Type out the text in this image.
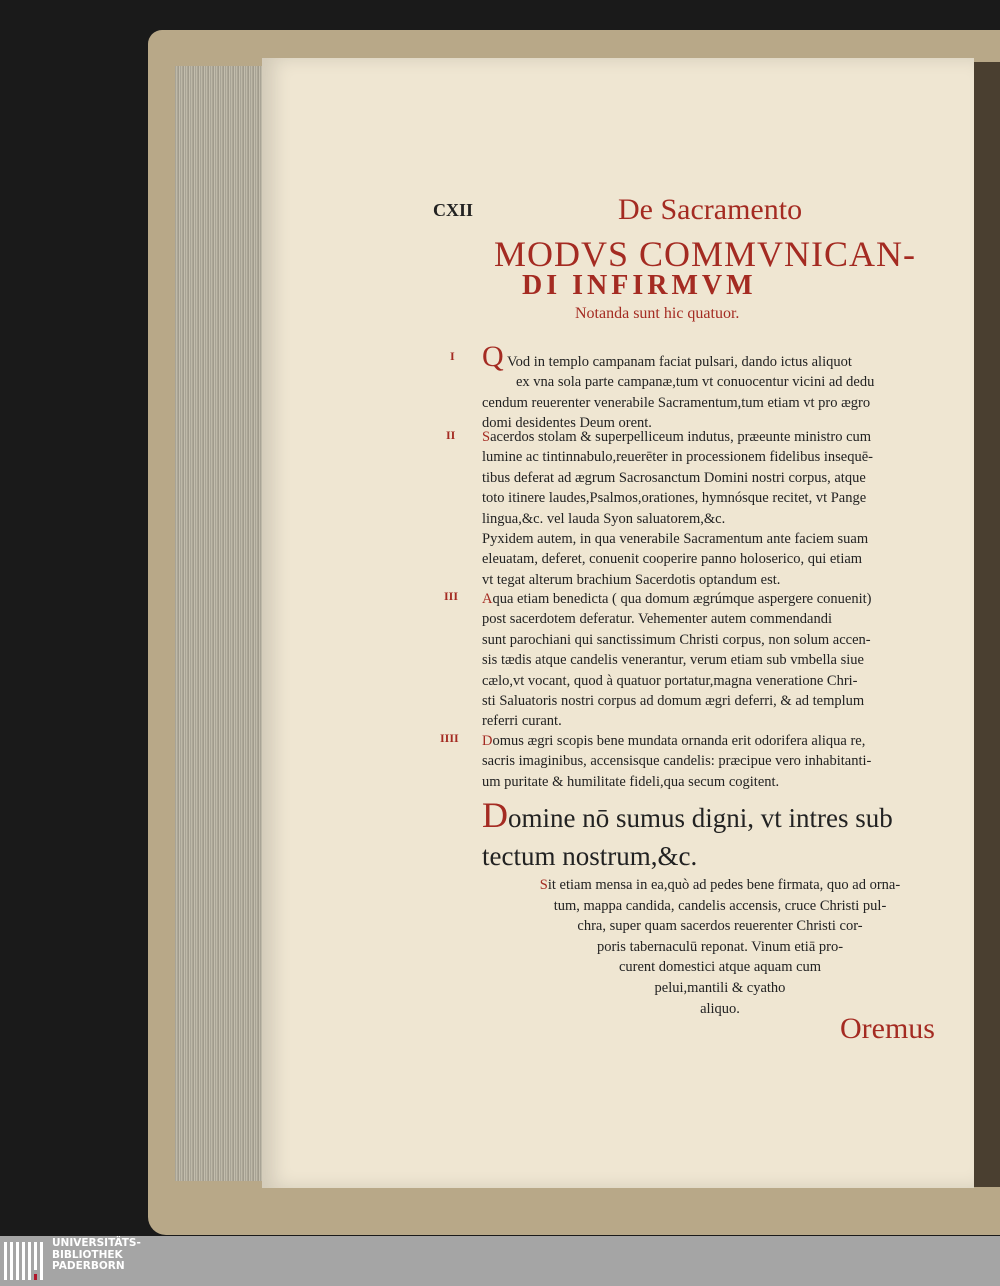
CXII	De Sacramento
MODVS COMMVNICAN-
DI INFIRMVM
Notanda sunt hic quatuor.
I
II
III
IIII
Q Vod in templo campanam faciat pulsari, dando ictus aliquot
ex vna sola parte campanæ,tum vt conuocentur vicini ad dedu
cendum reuerenter venerabile Sacramentum,tum etiam vt pro ægro
domi desidentes Deum orent.
Sacerdos stolam & superpelliceum indutus, præeunte ministro cum
lumine ac tintinnabulo,reuerēter in processionem fidelibus insequē-
tibus deferat ad ægrum Sacrosanctum Domini nostri corpus, atque
toto itinere laudes,Psalmos,orationes, hymnósque recitet, vt Pange
lingua,&c. vel lauda Syon saluatorem,&c.
Pyxidem autem, in qua venerabile Sacramentum ante faciem suam
eleuatam, deferet, conuenit cooperire panno holoserico, qui etiam
vt tegat alterum brachium Sacerdotis optandum est.
Aqua etiam benedicta ( qua domum ægrúmque aspergere conuenit)
post sacerdotem deferatur. Vehementer autem commendandi
sunt parochiani qui sanctissimum Christi corpus, non solum accen-
sis tædis atque candelis venerantur, verum etiam sub vmbella siue
cælo,vt vocant, quod à quatuor portatur,magna veneratione Chri-
sti Saluatoris nostri corpus ad domum ægri deferri, & ad templum
referri curant.
Domus ægri scopis bene mundata ornanda erit odorifera aliqua re,
sacris imaginibus, accensisque candelis: præcipue vero inhabitanti-
um puritate & humilitate fideli,qua secum cogitent.
Domine nō sumus digni, vt intres sub
tectum nostrum,&c.
Sit etiam mensa in ea,quò ad pedes bene firmata, quo ad orna-
tum, mappa candida, candelis accensis, cruce Christi pul-
chra, super quam sacerdos reuerenter Christi cor-
poris tabernaculū reponat. Vinum etiā pro-
curent domestici atque aquam cum
pelui,mantili & cyatho
aliquo.
Oremus
UNIVERSITÄTS-
BIBLIOTHEK
PADERBORN
